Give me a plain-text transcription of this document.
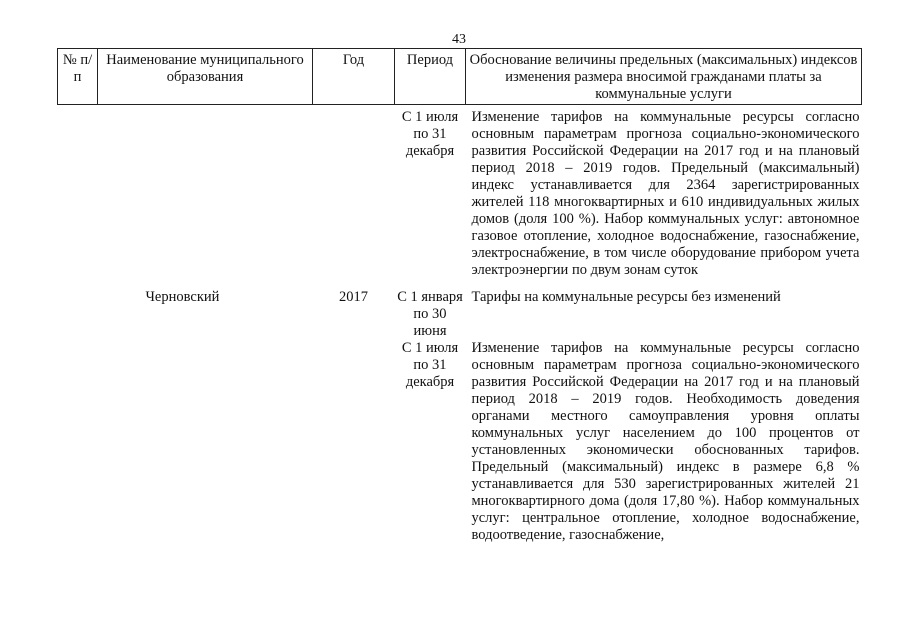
43
№ п/п	Наименование муниципального образования	Год	Период	Обоснование величины предельных (максимальных) индексов изменения размера вносимой гражданами платы за коммунальные услуги
			С 1 июля по 31 декабря	Изменение тарифов на коммунальные ресурсы согласно основным параметрам прогноза социально-экономического развития Российской Федерации на 2017 год и на плановый период 2018 – 2019 годов. Предельный (максимальный) индекс устанавливается для 2364 зарегистрированных жителей 118 многоквартирных и 610 индивидуальных жилых домов (доля 100 %). Набор коммунальных услуг: автономное газовое отопление, холодное водоснабжение, газоснабжение, электроснабжение, в том числе оборудование прибором учета электроэнергии по двум зонам суток

	Черновский	2017	С 1 января по 30 июня	Тарифы на коммунальные ресурсы без изменений
			С 1 июля по 31 декабря	Изменение тарифов на коммунальные ресурсы согласно основным параметрам прогноза социально-экономического развития Российской Федерации на 2017 год и на плановый период 2018 – 2019 годов. Необходимость доведения органами местного самоуправления уровня оплаты коммунальных услуг населением до 100 процентов от установленных экономически обоснованных тарифов. Предельный (максимальный) индекс в размере 6,8 % устанавливается для 530 зарегистрированных жителей 21 многоквартирного дома (доля 17,80 %). Набор коммунальных услуг: центральное отопление, холодное водоснабжение, водоотведение, газоснабжение,
